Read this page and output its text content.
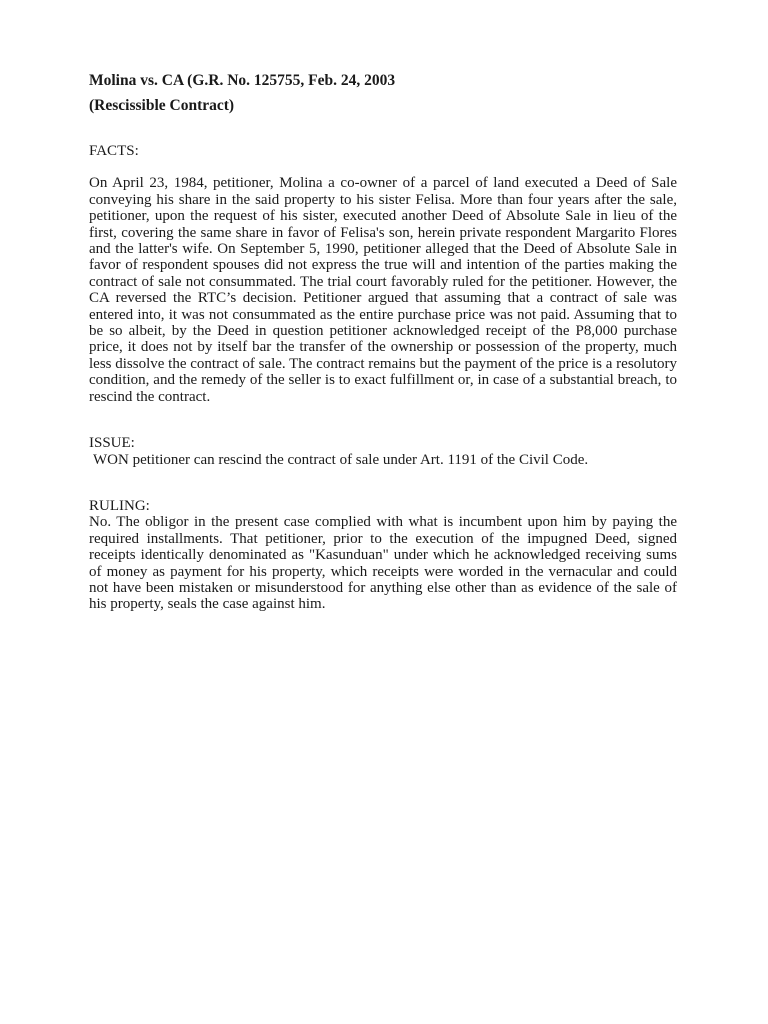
Molina vs. CA (G.R. No. 125755, Feb. 24, 2003

(Rescissible Contract)

FACTS:

On April 23, 1984, petitioner, Molina a co-owner of a parcel of land executed a Deed of Sale conveying his share in the said property to his sister Felisa. More than four years after the sale, petitioner, upon the request of his sister, executed another Deed of Absolute Sale in lieu of the first, covering the same share in favor of Felisa's son, herein private respondent Margarito Flores and the latter's wife. On September 5, 1990, petitioner alleged that the Deed of Absolute Sale in favor of respondent spouses did not express the true will and intention of the parties making the contract of sale not consummated. The trial court favorably ruled for the petitioner. However, the CA reversed the RTC’s decision. Petitioner argued that assuming that a contract of sale was entered into, it was not consummated as the entire purchase price was not paid. Assuming that to be so albeit, by the Deed in question petitioner acknowledged receipt of the P8,000 purchase price, it does not by itself bar the transfer of the ownership or possession of the property, much less dissolve the contract of sale. The contract remains but the payment of the price is a resolutory condition, and the remedy of the seller is to exact fulfillment or, in case of a substantial breach, to rescind the contract.

ISSUE:

WON petitioner can rescind the contract of sale under Art. 1191 of the Civil Code.

RULING:

No. The obligor in the present case complied with what is incumbent upon him by paying the required installments. That petitioner, prior to the execution of the impugned Deed, signed receipts identically denominated as "Kasunduan" under which he acknowledged receiving sums of money as payment for his property, which receipts were worded in the vernacular and could not have been mistaken or misunderstood for anything else other than as evidence of the sale of his property, seals the case against him.
